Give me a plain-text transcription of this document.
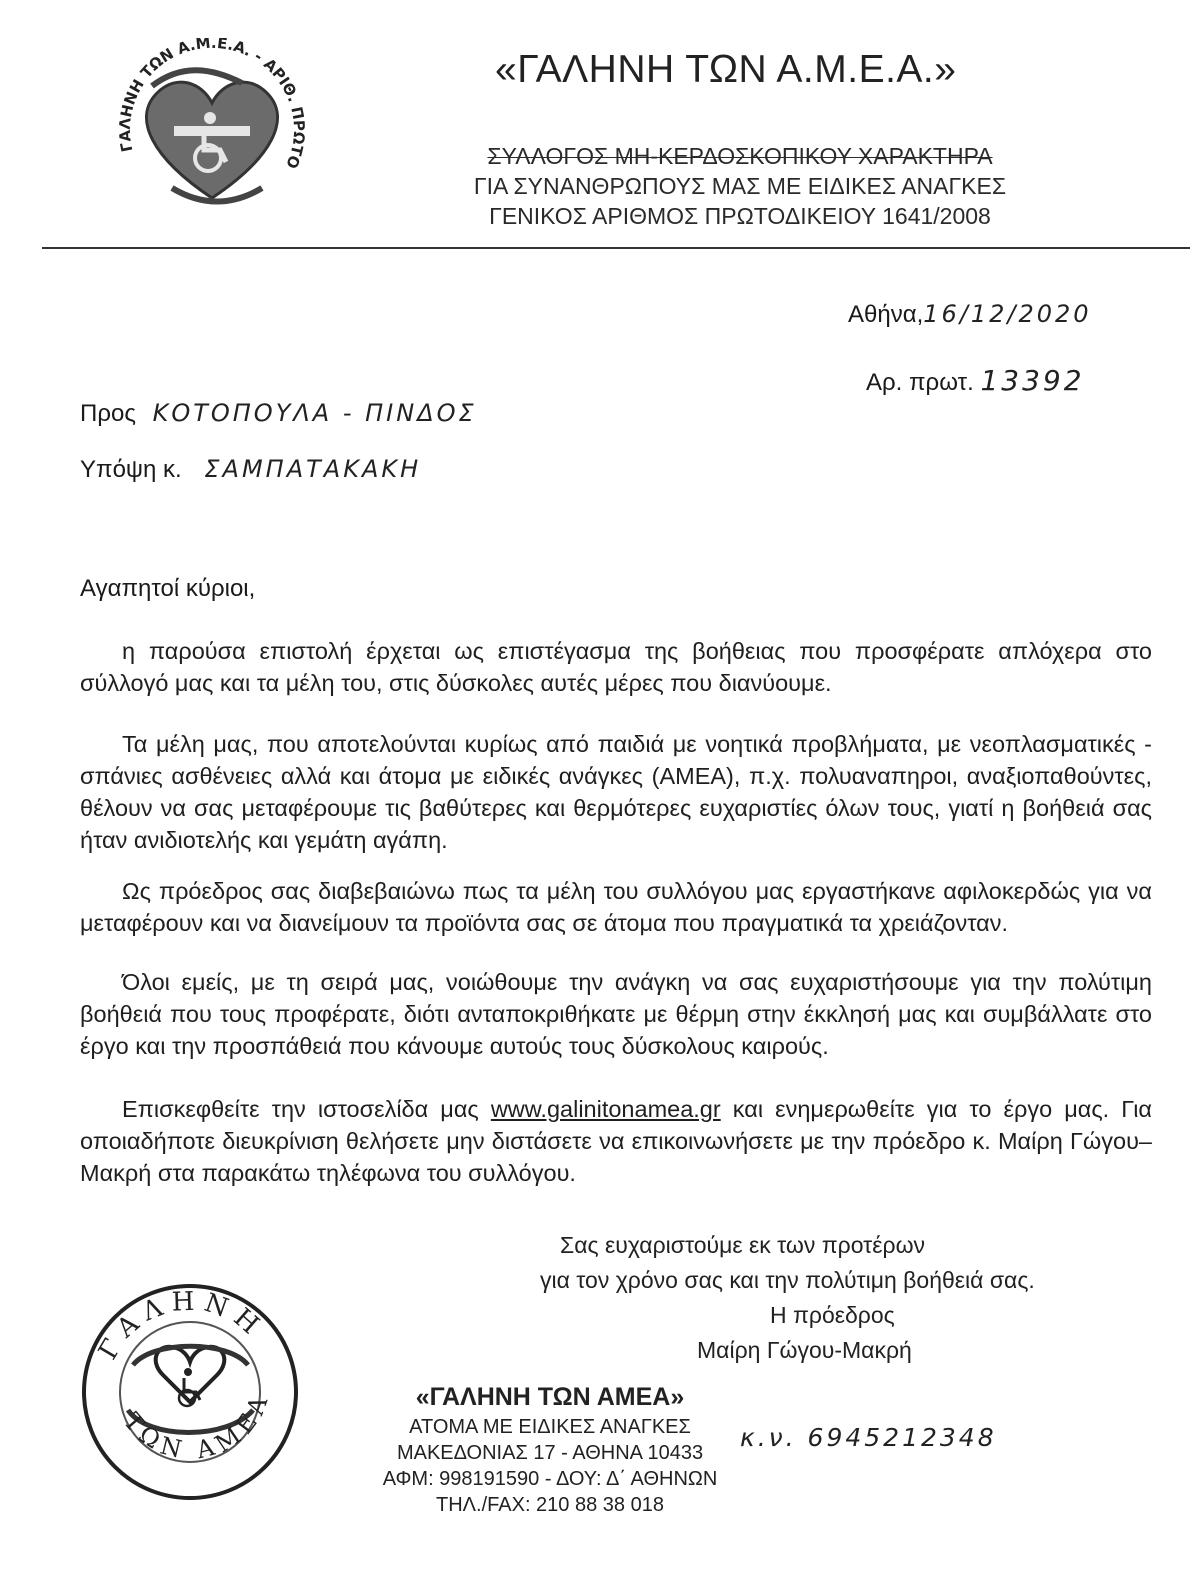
ΓΑΛΗΝΗ ΤΩΝ Α.Μ.Ε.Α. - ΑΡΙΘ. ΠΡΩΤΟ
«ΓΑΛΗΝΗ ΤΩΝ Α.Μ.Ε.Α.»
ΣΥΛΛΟΓΟΣ ΜΗ-ΚΕΡΔΟΣΚΟΠΙΚΟΥ ΧΑΡΑΚΤΗΡΑ
ΓΙΑ ΣΥΝΑΝΘΡΩΠΟΥΣ ΜΑΣ ΜΕ ΕΙΔΙΚΕΣ ΑΝΑΓΚΕΣ
ΓΕΝΙΚΟΣ ΑΡΙΘΜΟΣ ΠΡΩΤΟΔΙΚΕΙΟΥ 1641/2008
Αθήνα,16/12/2020
Αρ. πρωτ. 13392
Προς ΚΟΤΟΠΟΥΛΑ - ΠΙΝΔΟΣ
Υπόψη κ. ΣΑΜΠΑΤΑΚΑΚΗ
Αγαπητοί κύριοι,
η παρούσα επιστολή έρχεται ως επιστέγασμα της βοήθειας που προσφέρατε απλόχερα στο σύλλογό μας και τα μέλη του, στις δύσκολες αυτές μέρες που διανύουμε.
Τα μέλη μας, που αποτελούνται κυρίως από παιδιά με νοητικά προβλήματα, με νεοπλασματικές - σπάνιες ασθένειες αλλά και άτομα με ειδικές ανάγκες (ΑΜΕΑ), π.χ. πολυαναπηροι, αναξιοπαθούντες, θέλουν να σας μεταφέρουμε τις βαθύτερες και θερμότερες ευχαριστίες όλων τους, γιατί η βοήθειά σας ήταν ανιδιοτελής και γεμάτη αγάπη.
Ως πρόεδρος σας διαβεβαιώνω πως τα μέλη του συλλόγου μας εργαστήκανε αφιλοκερδώς για να μεταφέρουν και να διανείμουν τα προϊόντα σας σε άτομα που πραγματικά τα χρειάζονταν.
Όλοι εμείς, με τη σειρά μας, νοιώθουμε την ανάγκη να σας ευχαριστήσουμε για την πολύτιμη βοήθειά που τους προφέρατε, διότι ανταποκριθήκατε με θέρμη στην έκκλησή μας και συμβάλλατε στο έργο και την προσπάθειά που κάνουμε αυτούς τους δύσκολους καιρούς.
Επισκεφθείτε την ιστοσελίδα μας www.galinitonamea.gr και ενημερωθείτε για το έργο μας. Για οποιαδήποτε διευκρίνιση θελήσετε μην διστάσετε να επικοινωνήσετε με την πρόεδρο κ. Μαίρη Γώγου–Μακρή στα παρακάτω τηλέφωνα του συλλόγου.
Σας ευχαριστούμε εκ των προτέρων
για τον χρόνο σας και την πολύτιμη βοήθειά σας.
Η πρόεδρος
Μαίρη Γώγου-Μακρή
ΓΑΛΗΝΗ
ΤΩΝ ΑΜΕΑ	«ΓΑΛΗΝΗ ΤΩΝ ΑΜΕΑ»
ΑΤΟΜΑ ΜΕ ΕΙΔΙΚΕΣ ΑΝΑΓΚΕΣ
ΜΑΚΕΔΟΝΙΑΣ 17 - ΑΘΗΝΑ 10433
ΑΦΜ: 998191590 - ΔΟΥ: Δ΄ ΑΘΗΝΩΝ
ΤΗΛ./FAX: 210 88 38 018
κ.ν. 6945212348
